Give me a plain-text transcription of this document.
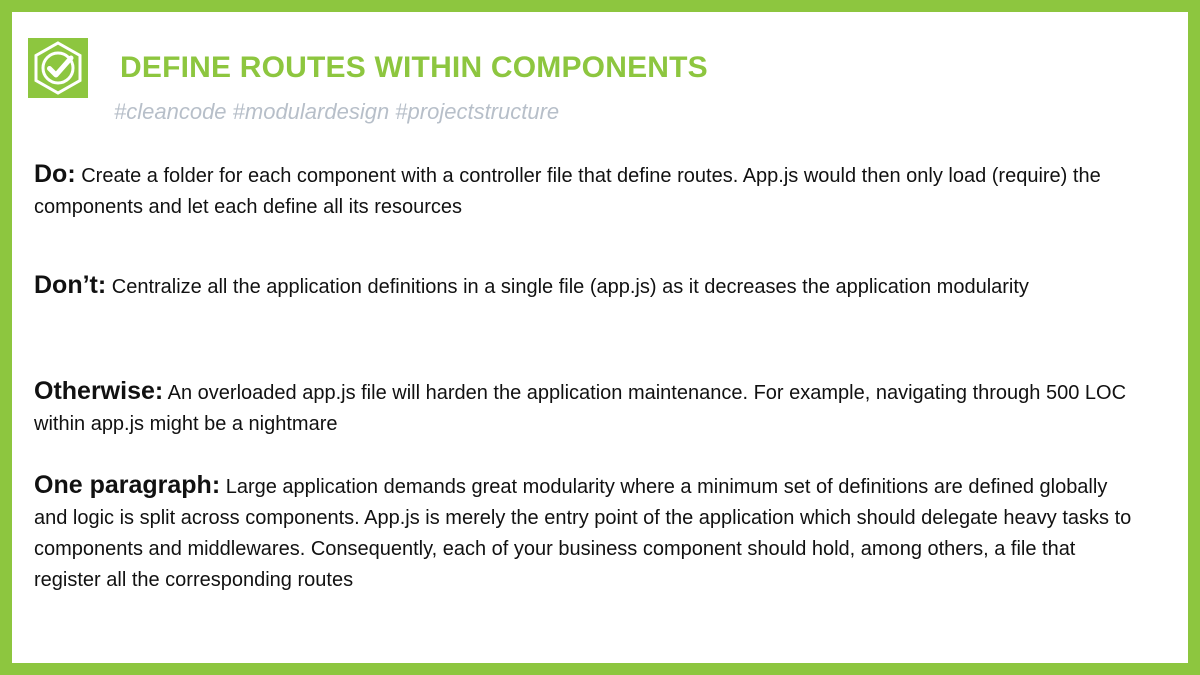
DEFINE ROUTES WITHIN COMPONENTS
#cleancode #modulardesign #projectstructure

Do: Create a folder for each component with a controller file that define routes. App.js would then only load (require) the components and let each define all its resources

Don’t: Centralize all the application definitions in a single file (app.js) as it decreases the application modularity

Otherwise: An overloaded app.js file will harden the application maintenance. For example, navigating through 500 LOC within app.js might be a nightmare

One paragraph: Large application demands great modularity where a minimum set of definitions are defined globally and logic is split across components. App.js is merely the entry point of the application which should delegate heavy tasks to components and middlewares. Consequently, each of your business component should hold, among others, a file that register all the corresponding routes
